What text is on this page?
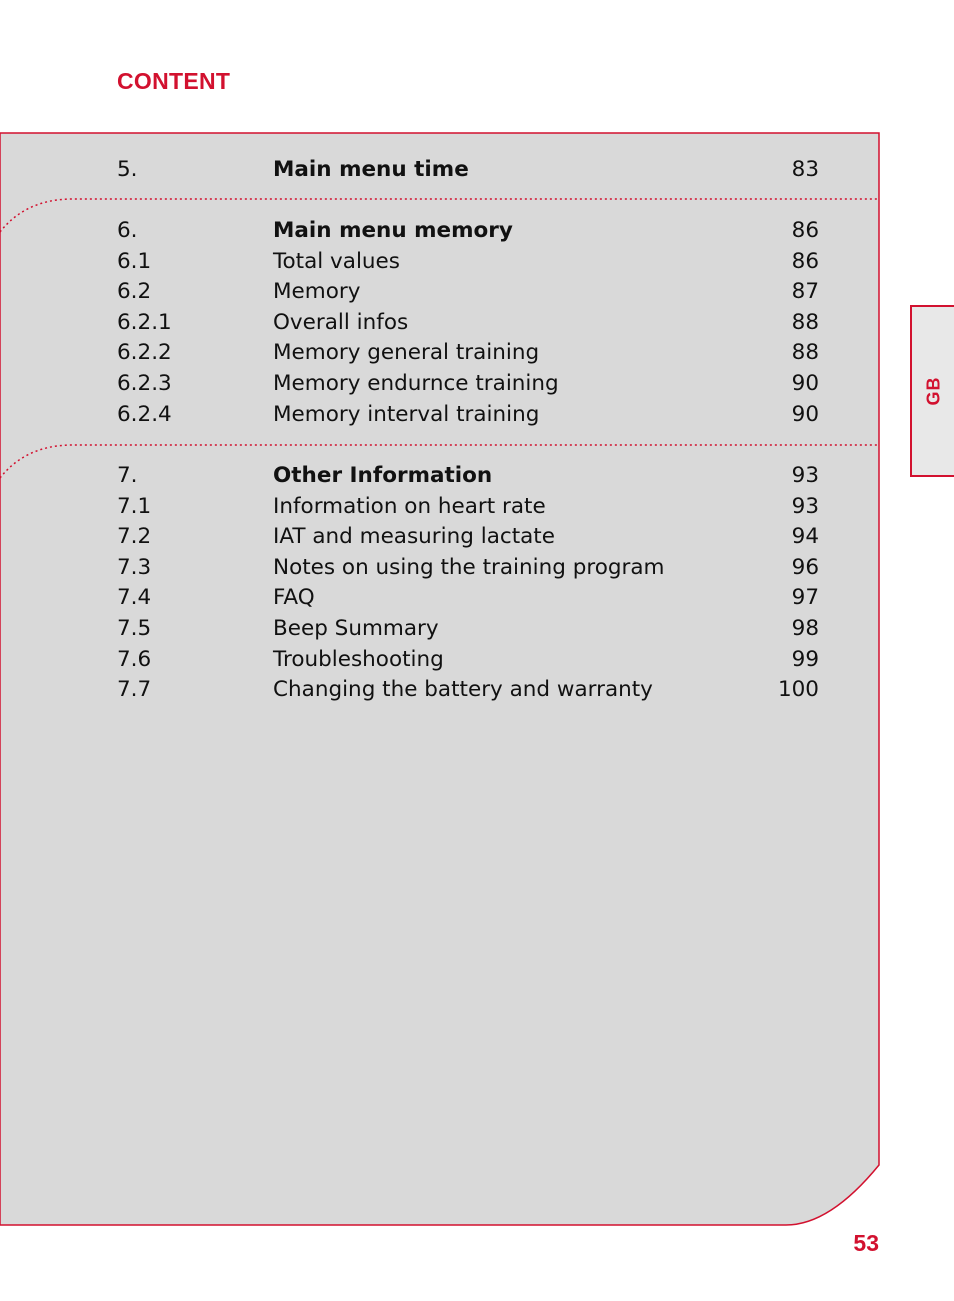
CONTENT
5.	Main menu time	83
6.	Main menu memory	86
6.1	Total values	86
6.2	Memory	87
6.2.1	Overall infos	88
6.2.2	Memory general training	88
6.2.3	Memory endurnce training	90
6.2.4	Memory interval training	90
7.	Other Information	93
7.1	Information on heart rate	93
7.2	IAT and measuring lactate	94
7.3	Notes on using the training program	96
7.4	FAQ	97
7.5	Beep Summary	98
7.6	Troubleshooting	99
7.7	Changing the battery and warranty	100
GB
53
